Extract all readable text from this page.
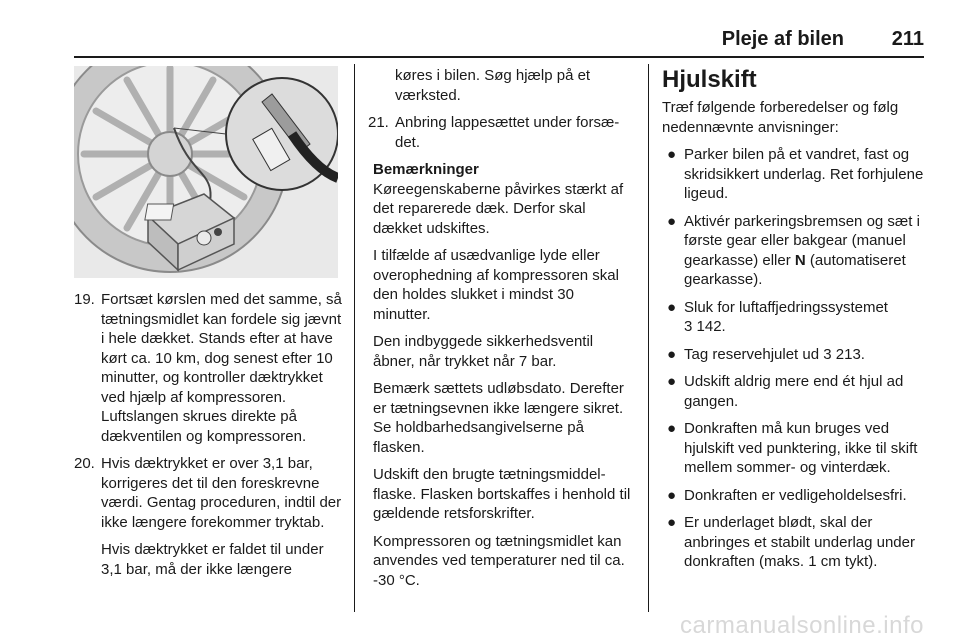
Pleje af bilen 211
19. Fortsæt kørslen med det samme, så tætningsmidlet kan fordele sig jævnt i hele dækket. Stands efter at have kørt ca. 10 km, dog senest efter 10 minutter, og kontroller dæktrykket ved hjælp af kompressoren. Luftslangen skrues direkte på dækventilen og kompressoren.

20. Hvis dæktrykket er over 3,1 bar, korrigeres det til den foreskrevne værdi. Gentag proceduren, indtil der ikke længere forekommer tryktab.

Hvis dæktrykket er faldet til under 3,1 bar, må der ikke længere

køres i bilen. Søg hjælp på et værksted.

21. Anbring lappesættet under forsædet.

Bemærkninger

Køreegenskaberne påvirkes stærkt af det reparerede dæk. Derfor skal dækket udskiftes.

I tilfælde af usædvanlige lyde eller overophedning af kompressoren skal den holdes slukket i mindst 30 minutter.

Den indbyggede sikkerhedsventil åbner, når trykket når 7 bar.

Bemærk sættets udløbsdato. Derefter er tætningsevnen ikke længere sikret. Se holdbarhedsangivelserne på flasken.

Udskift den brugte tætningsmiddelflaske. Flasken bortskaffes i henhold til gældende retsforskrifter.

Kompressoren og tætningsmidlet kan anvendes ved temperaturer ned til ca. -30 °C.

Hjulskift

Træf følgende forberedelser og følg nedennævnte anvisninger:

● Parker bilen på et vandret, fast og skridsikkert underlag. Ret forhjulene ligeud.
● Aktivér parkeringsbremsen og sæt i første gear eller bakgear (manuel gearkasse) eller N (automatiseret gearkasse).
● Sluk for luftaffjedringssystemet
3 142.
● Tag reservehjulet ud 3 213.
● Udskift aldrig mere end ét hjul ad gangen.
● Donkraften må kun bruges ved hjulskift ved punktering, ikke til skift mellem sommer- og vinterdæk.
● Donkraften er vedligeholdelsesfri.
● Er underlaget blødt, skal der anbringes et stabilt underlag under donkraften (maks. 1 cm tykt).
carmanualsonline.info
